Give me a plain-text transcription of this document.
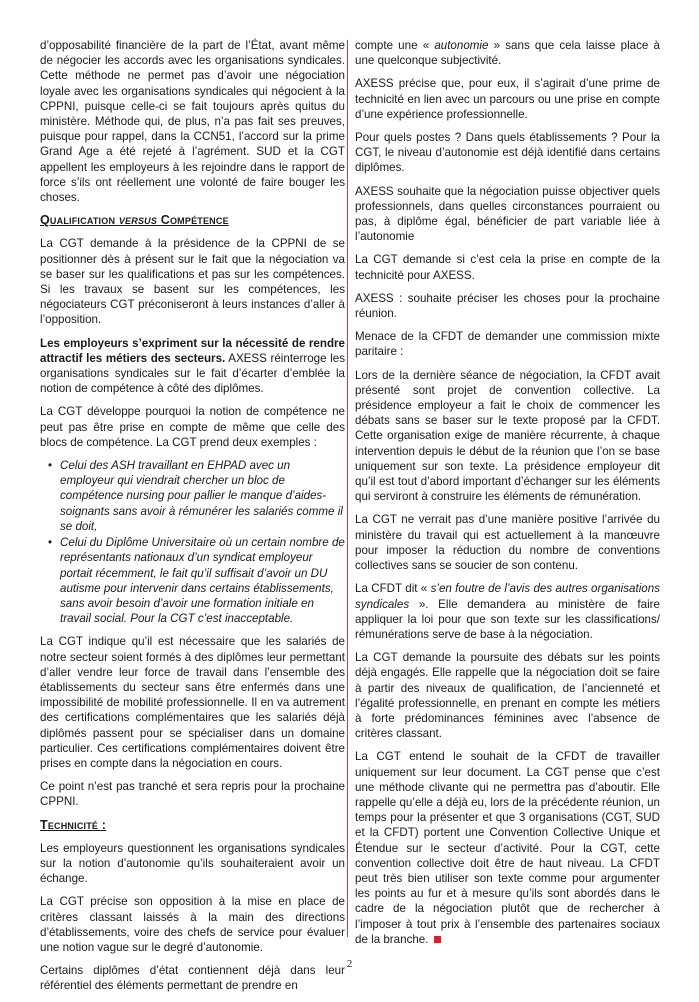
d’opposabilité financière de la part de l’État, avant même de négocier les accords avec les organisations syndicales. Cette méthode ne permet pas d’avoir une négociation loyale avec les organisations syndicales qui négocient à la CPPNI, puisque celle-ci se fait toujours après quitus du ministère. Méthode qui, de plus, n’a pas fait ses preuves, puisque pour rappel, dans la CCN51, l’accord sur la prime Grand Age a été rejeté à l’agrément. SUD et la CGT appellent les employeurs à les rejoindre dans le rapport de force s’ils ont réellement une volonté de faire bouger les choses.

Qualification versus Compétence

La CGT demande à la présidence de la CPPNI de se positionner dès à présent sur le fait que la négociation va se baser sur les qualifications et pas sur les compétences. Si les travaux se basent sur les compétences, les négociateurs CGT préconiseront à leurs instances d’aller à l’opposition.

Les employeurs s’expriment sur la nécessité de rendre attractif les métiers des secteurs. AXESS réinterroge les organisations syndicales sur le fait d’écarter d’emblée la notion de compétence à côté des diplômes.

La CGT développe pourquoi la notion de compétence ne peut pas être prise en compte de même que celle des blocs de compétence. La CGT prend deux exemples :

• Celui des ASH travaillant en EHPAD avec un employeur qui viendrait chercher un bloc de compétence nursing pour pallier le manque d’aides-soignants sans avoir à rémunérer les salariés comme il se doit,
• Celui du Diplôme Universitaire où un certain nombre de représentants nationaux d’un syndicat employeur portait récemment, le fait qu’il suffisait d’avoir un DU autisme pour intervenir dans certains établissements, sans avoir besoin d’avoir une formation initiale en travail social. Pour la CGT c’est inacceptable.

La CGT indique qu’il est nécessaire que les salariés de notre secteur soient formés à des diplômes leur permettant d’aller vendre leur force de travail dans l’ensemble des établissements du secteur sans être enfermés dans une impossibilité de mobilité professionnelle. Il en va autrement des certifications complémentaires que les salariés déjà diplômés passent pour se spécialiser dans un domaine particulier. Ces certifications complémentaires doivent être prises en compte dans la négociation en cours.

Ce point n’est pas tranché et sera repris pour la prochaine CPPNI.

Technicité :

Les employeurs questionnent les organisations syndicales sur la notion d’autonomie qu’ils souhaiteraient avoir un échange.

La CGT précise son opposition à la mise en place de critères classant laissés à la main des directions d’établissements, voire des chefs de service pour évaluer une notion vague sur le degré d’autonomie.

Certains diplômes d’état contiennent déjà dans leur référentiel des éléments permettant de prendre en

compte une « autonomie » sans que cela laisse place à une quelconque subjectivité.

AXESS précise que, pour eux, il s’agirait d’une prime de technicité en lien avec un parcours ou une prise en compte d’une expérience professionnelle.

Pour quels postes ? Dans quels établissements ? Pour la CGT, le niveau d’autonomie est déjà identifié dans certains diplômes.

AXESS souhaite que la négociation puisse objectiver quels professionnels, dans quelles circonstances pourraient ou pas, à diplôme égal, bénéficier de part variable liée à l’autonomie

La CGT demande si c’est cela la prise en compte de la technicité pour AXESS.

AXESS : souhaite préciser les choses pour la prochaine réunion.

Menace de la CFDT de demander une commission mixte paritaire :

Lors de la dernière séance de négociation, la CFDT avait présenté sont projet de convention collective. La présidence employeur a fait le choix de commencer les débats sans se baser sur le texte proposé par la CFDT. Cette organisation exige de manière récurrente, à chaque intervention depuis le début de la réunion que l’on se base uniquement sur son texte. La présidence employeur dit qu’il est tout d’abord important d’échanger sur les éléments qui serviront à construire les éléments de rémunération.

La CGT ne verrait pas d’une manière positive l’arrivée du ministère du travail qui est actuellement à la manœuvre pour imposer la réduction du nombre de conventions collectives sans se soucier de son contenu.

La CFDT dit « s’en foutre de l’avis des autres organisations syndicales ». Elle demandera au ministère de faire appliquer la loi pour que son texte sur les classifications/ rémunérations serve de base à la négociation.

La CGT demande la poursuite des débats sur les points déjà engagés. Elle rappelle que la négociation doit se faire à partir des niveaux de qualification, de l’ancienneté et l’égalité professionnelle, en prenant en compte les métiers à forte prédominances féminines avec l’absence de critères classant.

La CGT entend le souhait de la CFDT de travailler uniquement sur leur document. La CGT pense que c’est une méthode clivante qui ne permettra pas d’aboutir. Elle rappelle qu’elle a déjà eu, lors de la précédente réunion, un temps pour la présenter et que 3 organisations (CGT, SUD et la CFDT) portent une Convention Collective Unique et Étendue sur le secteur d’activité. Pour la CGT, cette convention collective doit être de haut niveau. La CFDT peut très bien utiliser son texte comme pour argumenter les points au fur et à mesure qu’ils sont abordés dans le cadre de la négociation plutôt que de rechercher à l’imposer à tout prix à l’ensemble des partenaires sociaux de la branche.

2
